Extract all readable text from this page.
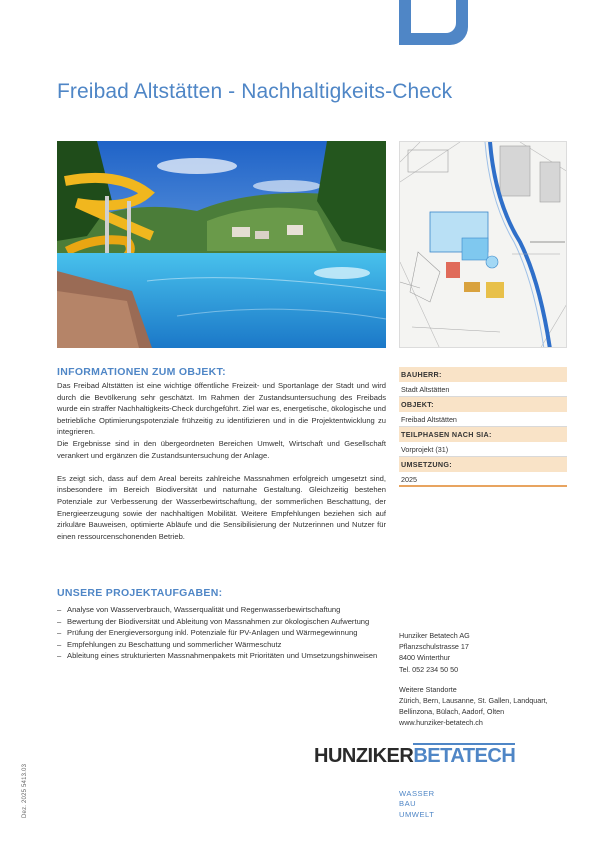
Freibad Altstätten - Nachhaltigkeits-Check
INFORMATIONEN ZUM OBJEKT:

Das Freibad Altstätten ist eine wichtige öffentliche Freizeit- und Sportanlage der Stadt und wird durch die Bevölkerung sehr geschätzt. Im Rahmen der Zustandsuntersuchung des Freibads wurde ein straffer Nachhaltigkeits-Check durchgeführt. Ziel war es, energetische, ökologische und betriebliche Optimierungspotenziale frühzeitig zu identifizieren und in die Projektentwicklung zu integrieren.

Die Ergebnisse sind in den übergeordneten Bereichen Umwelt, Wirtschaft und Gesellschaft verankert und ergänzen die Zustandsuntersuchung der Anlage.

Es zeigt sich, dass auf dem Areal bereits zahlreiche Massnahmen erfolgreich umgesetzt sind, insbesondere im Bereich Biodiversität und naturnahe Gestaltung. Gleichzeitig bestehen Potenziale zur Verbesserung der Wasserbewirtschaftung, der sommerlichen Beschattung, der Energieerzeugung sowie der nachhaltigen Mobilität. Weitere Empfehlungen beziehen sich auf zirkuläre Bauweisen, optimierte Abläufe und die Sensibilisierung der Nutzerinnen und Nutzer für einen ressourcenschonenden Betrieb.

UNSERE PROJEKTAUFGABEN:
– Analyse von Wasserverbrauch, Wasserqualität und Regenwasserbewirtschaftung
– Bewertung der Biodiversität und Ableitung von Massnahmen zur ökologischen Aufwertung
– Prüfung der Energieversorgung inkl. Potenziale für PV-Anlagen und Wärmegewinnung
– Empfehlungen zu Beschattung und sommerlicher Wärmeschutz
– Ableitung eines strukturierten Massnahmenpakets mit Prioritäten und Umsetzungshinweisen
BAUHERR:
Stadt Altstätten
OBJEKT:
Freibad Altstätten
TEILPHASEN NACH SIA:
Vorprojekt (31)
UMSETZUNG:
2025
Hunziker Betatech AG
Pflanzschulstrasse 17
8400 Winterthur
Tel. 052 234 50 50
Weitere Standorte
Zürich, Bern, Lausanne, St. Gallen, Landquart,
Bellinzona, Bülach, Aadorf, Olten
www.hunziker-betatech.ch
HUNZIKERBETATECH
WASSER
BAU
UMWELT
Dez. 2025 5413.03
